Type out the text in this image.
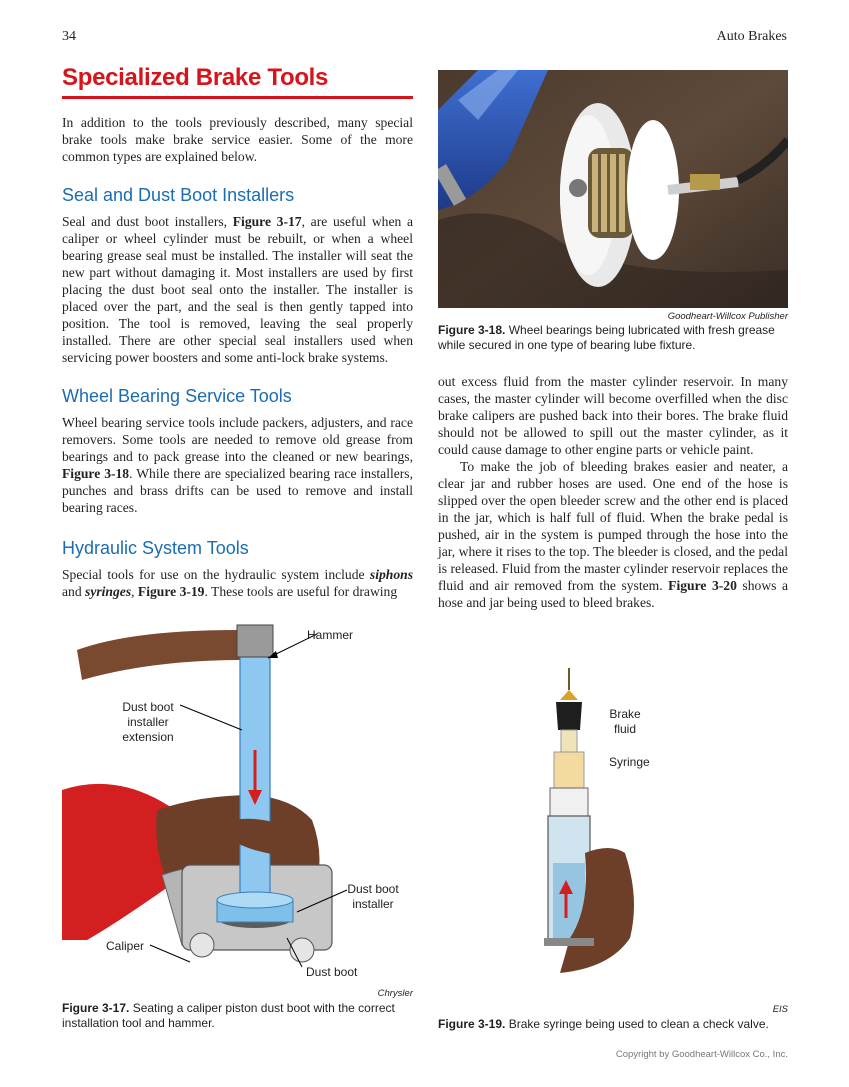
34	Auto Brakes
Specialized Brake Tools

In addition to the tools previously described, many special brake tools make brake service easier. Some of the more common types are explained below.

Seal and Dust Boot Installers

Seal and dust boot installers, Figure 3-17, are useful when a caliper or wheel cylinder must be rebuilt, or when a wheel bearing grease seal must be installed. The installer will seat the new part without damaging it. Most installers are used by first placing the dust boot seal onto the installer. The installer is placed over the part, and the seal is then gently tapped into position. The tool is removed, leaving the seal properly installed. There are other special seal installers used when servicing power boosters and some anti-lock brake systems.

Wheel Bearing Service Tools

Wheel bearing service tools include packers, adjusters, and race removers. Some tools are needed to remove old grease from bearings and to pack grease into the cleaned or new bearings, Figure 3-18. While there are specialized bearing race installers, punches and brass drifts can be used to remove and install bearing races.

Hydraulic System Tools

Special tools for use on the hydraulic system include siphons and syringes, Figure 3-19. These tools are useful for drawing

Goodheart-Willcox Publisher
Figure 3-18. Wheel bearings being lubricated with fresh grease while secured in one type of bearing lube fixture.

out excess fluid from the master cylinder reservoir. In many cases, the master cylinder will become overfilled when the disc brake calipers are pushed back into their bores. The brake fluid should not be allowed to spill out the master cylinder, as it could cause damage to other engine parts or vehicle paint.

To make the job of bleeding brakes easier and neater, a clear jar and rubber hoses are used. One end of the hose is slipped over the open bleeder screw and the other end is placed in the jar, which is half full of fluid. When the brake pedal is pushed, air in the system is pumped through the hose into the jar, where it rises to the top. The bleeder is closed, and the pedal is released. Fluid from the master cylinder reservoir replaces the fluid and air removed from the system. Figure 3-20 shows a hose and jar being used to bleed brakes.

Hammer
Dust boot installer extension
Dust boot installer
Caliper
Dust boot
Chrysler
Figure 3-17. Seating a caliper piston dust boot with the correct installation tool and hammer.
Brake fluid
Syringe
EIS
Figure 3-19. Brake syringe being used to clean a check valve.
Copyright by Goodheart-Willcox Co., Inc.
